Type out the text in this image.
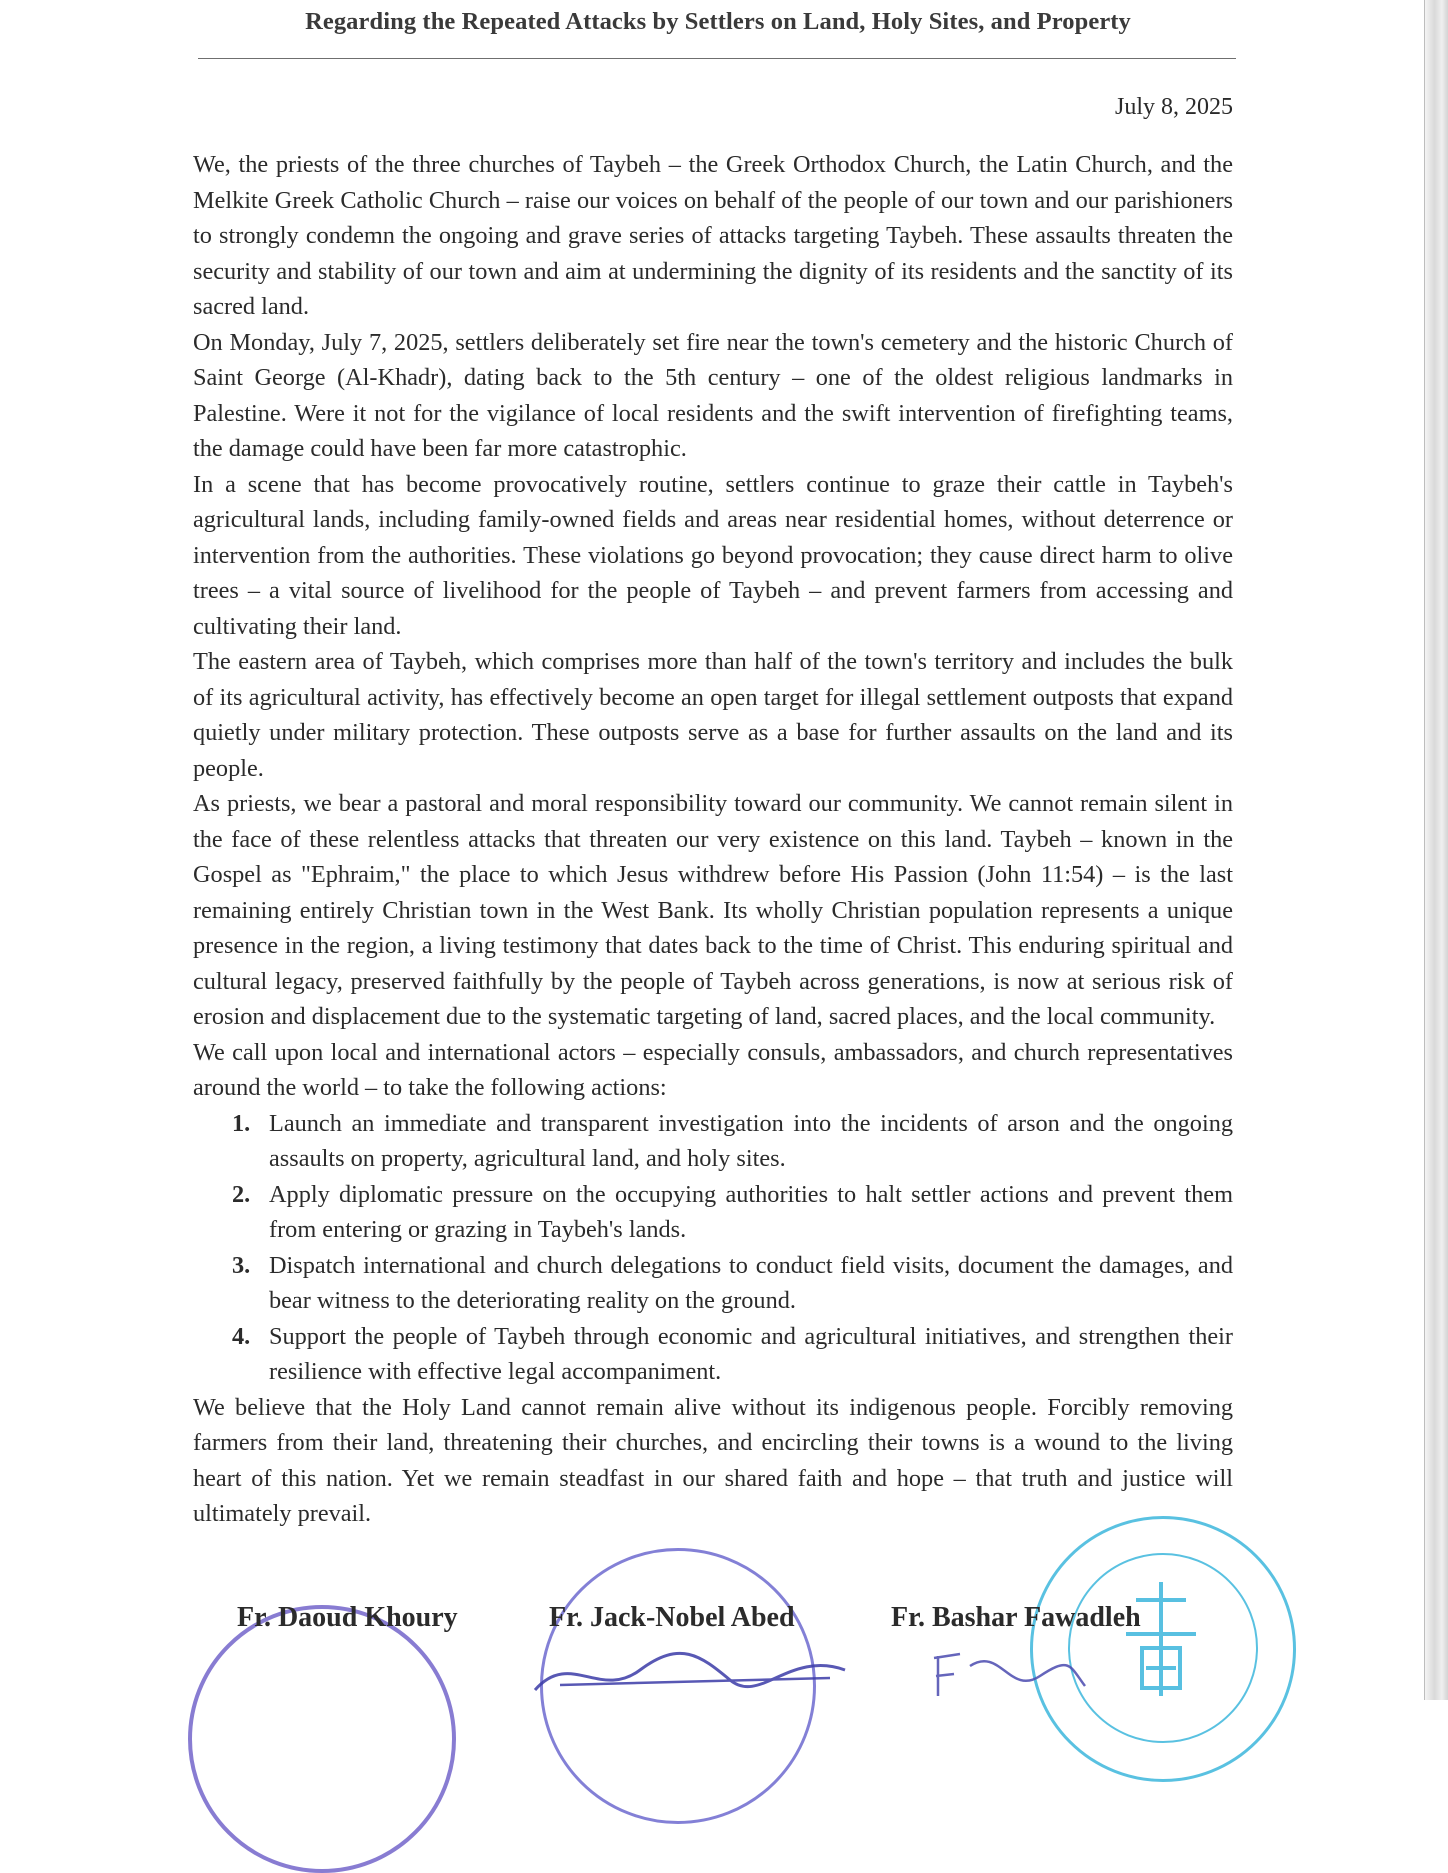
Regarding the Repeated Attacks by Settlers on Land, Holy Sites, and Property
July 8, 2025

We, the priests of the three churches of Taybeh – the Greek Orthodox Church, the Latin Church, and the Melkite Greek Catholic Church – raise our voices on behalf of the people of our town and our parishioners to strongly condemn the ongoing and grave series of attacks targeting Taybeh. These assaults threaten the security and stability of our town and aim at undermining the dignity of its residents and the sanctity of its sacred land.

On Monday, July 7, 2025, settlers deliberately set fire near the town's cemetery and the historic Church of Saint George (Al-Khadr), dating back to the 5th century – one of the oldest religious landmarks in Palestine. Were it not for the vigilance of local residents and the swift intervention of firefighting teams, the damage could have been far more catastrophic.

In a scene that has become provocatively routine, settlers continue to graze their cattle in Taybeh's agricultural lands, including family-owned fields and areas near residential homes, without deterrence or intervention from the authorities. These violations go beyond provocation; they cause direct harm to olive trees – a vital source of livelihood for the people of Taybeh – and prevent farmers from accessing and cultivating their land.

The eastern area of Taybeh, which comprises more than half of the town's territory and includes the bulk of its agricultural activity, has effectively become an open target for illegal settlement outposts that expand quietly under military protection. These outposts serve as a base for further assaults on the land and its people.

As priests, we bear a pastoral and moral responsibility toward our community. We cannot remain silent in the face of these relentless attacks that threaten our very existence on this land. Taybeh – known in the Gospel as "Ephraim," the place to which Jesus withdrew before His Passion (John 11:54) – is the last remaining entirely Christian town in the West Bank. Its wholly Christian population represents a unique presence in the region, a living testimony that dates back to the time of Christ. This enduring spiritual and cultural legacy, preserved faithfully by the people of Taybeh across generations, is now at serious risk of erosion and displacement due to the systematic targeting of land, sacred places, and the local community.

We call upon local and international actors – especially consuls, ambassadors, and church representatives around the world – to take the following actions:

1. Launch an immediate and transparent investigation into the incidents of arson and the ongoing assaults on property, agricultural land, and holy sites.
2. Apply diplomatic pressure on the occupying authorities to halt settler actions and prevent them from entering or grazing in Taybeh's lands.
3. Dispatch international and church delegations to conduct field visits, document the damages, and bear witness to the deteriorating reality on the ground.
4. Support the people of Taybeh through economic and agricultural initiatives, and strengthen their resilience with effective legal accompaniment.

We believe that the Holy Land cannot remain alive without its indigenous people. Forcibly removing farmers from their land, threatening their churches, and encircling their towns is a wound to the living heart of this nation. Yet we remain steadfast in our shared faith and hope – that truth and justice will ultimately prevail.

Fr. Daoud Khoury	Fr. Jack-Nobel Abed	Fr. Bashar Fawadleh
